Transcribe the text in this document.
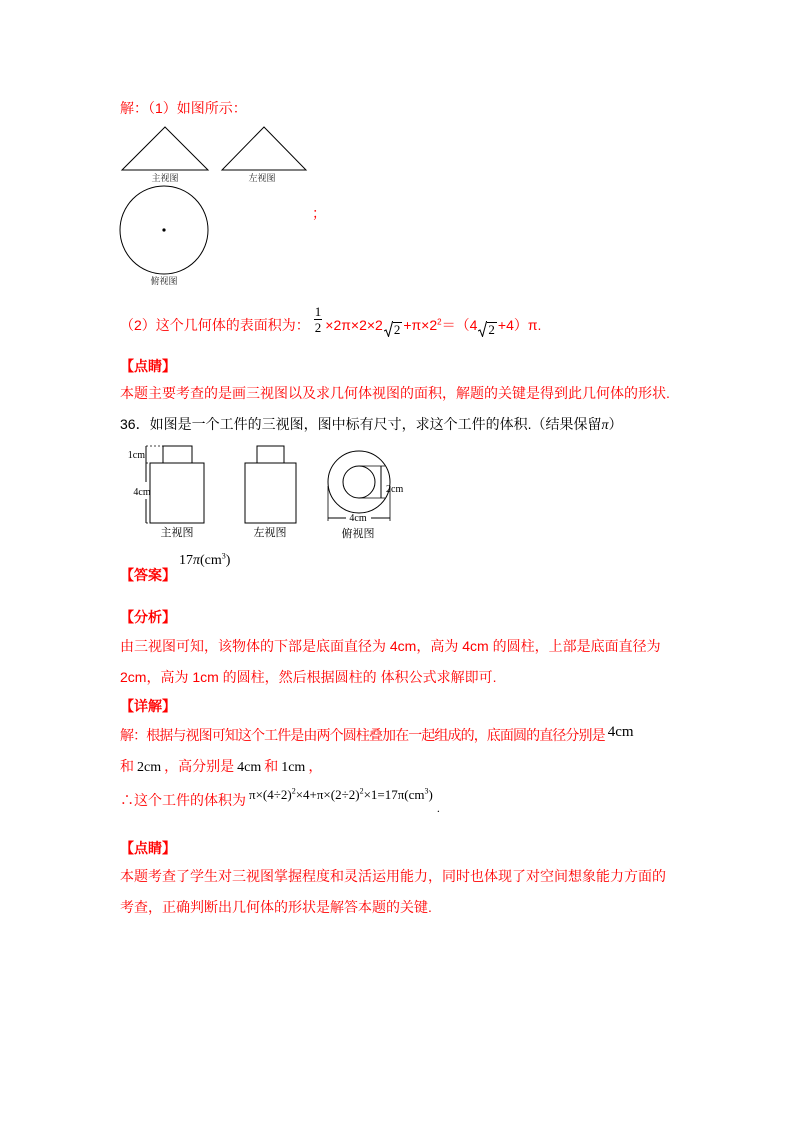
解：（1）如图所示：
主视图	左视图
俯视图
；
（2）这个几何体的表面积为： $\frac{1}{2} \times 2\pi\times 2\times 2$ $2 +\pi\times 2^2 =(4$ 2 +4）π.
【点睛】
本题主要考查的是画三视图以及求几何体视图的面积，解题的关键是得到此几何体的形状.
36．如图是一个工件的三视图，图中标有尺寸，求这个工件的体积.（结果保留π）
1cm
4cm
主视图	左视图
2cm
4cm
俯视图
【答案】
$17\pi(cm^3)$
【分析】
由三视图可知，该物体的下部是底面直径为 4cm，高为 4cm 的圆柱，上部是底面直径为
2cm，高为 1cm 的圆柱，然后根据圆柱的 体积公式求解即可.
【详解】
解：根据与视图可知这个工件是由两个圆柱叠加在一起组成的，底面圆的直径分别是 4cm
和 2cm ，高分别是 4cm 和 1cm ，
∴这个工件的体积为 $\pi\times(4\div 2)^2\times 4+\pi\times(2\div 2)^2\times 1=17\pi(cm^3)$.
【点睛】
本题考查了学生对三视图掌握程度和灵活运用能力，同时也体现了对空间想象能力方面的
考查，正确判断出几何体的形状是解答本题的关键.
